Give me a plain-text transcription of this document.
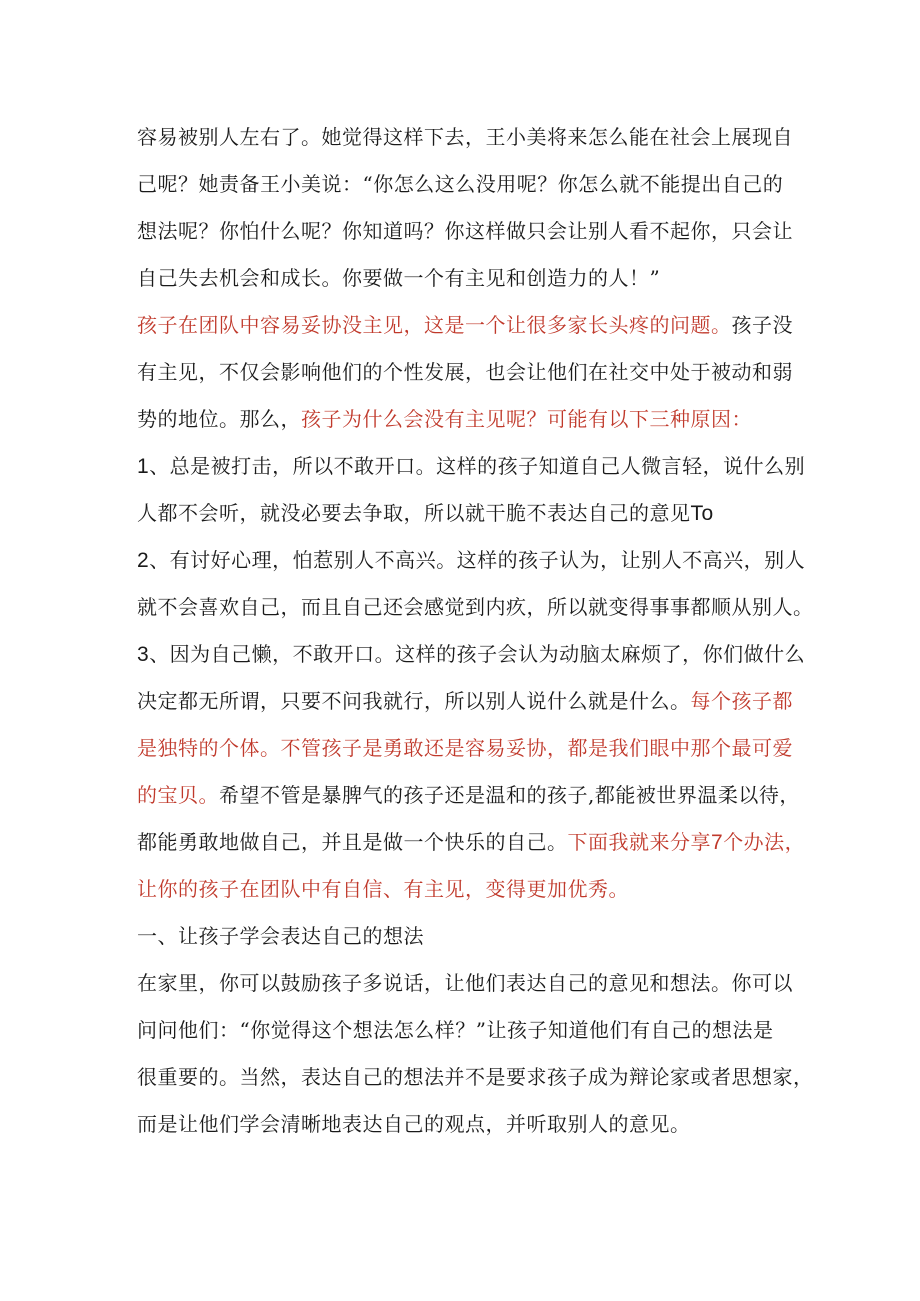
容易被别人左右了。她觉得这样下去，王小美将来怎么能在社会上展现自
己呢？她责备王小美说：“你怎么这么没用呢？你怎么就不能提出自己的
想法呢？你怕什么呢？你知道吗？你这样做只会让别人看不起你，只会让
自己失去机会和成长。你要做一个有主见和创造力的人！”
孩子在团队中容易妥协没主见，这是一个让很多家长头疼的问题。孩子没
有主见，不仅会影响他们的个性发展，也会让他们在社交中处于被动和弱
势的地位。那么，孩子为什么会没有主见呢？可能有以下三种原因：
1、总是被打击，所以不敢开口。这样的孩子知道自己人微言轻，说什么别
人都不会听，就没必要去争取，所以就干脆不表达自己的意见To
2、有讨好心理，怕惹别人不高兴。这样的孩子认为，让别人不高兴，别人
就不会喜欢自己，而且自己还会感觉到内疚，所以就变得事事都顺从别人。
3、因为自己懒，不敢开口。这样的孩子会认为动脑太麻烦了，你们做什么
决定都无所谓，只要不问我就行，所以别人说什么就是什么。每个孩子都
是独特的个体。不管孩子是勇敢还是容易妥协，都是我们眼中那个最可爱
的宝贝。希望不管是暴脾气的孩子还是温和的孩子,都能被世界温柔以待，
都能勇敢地做自己，并且是做一个快乐的自己。下面我就来分享7个办法，
让你的孩子在团队中有自信、有主见，变得更加优秀。
一、让孩子学会表达自己的想法
在家里，你可以鼓励孩子多说话，让他们表达自己的意见和想法。你可以
问问他们：“你觉得这个想法怎么样？”让孩子知道他们有自己的想法是
很重要的。当然，表达自己的想法并不是要求孩子成为辩论家或者思想家，
而是让他们学会清晰地表达自己的观点，并听取别人的意见。
